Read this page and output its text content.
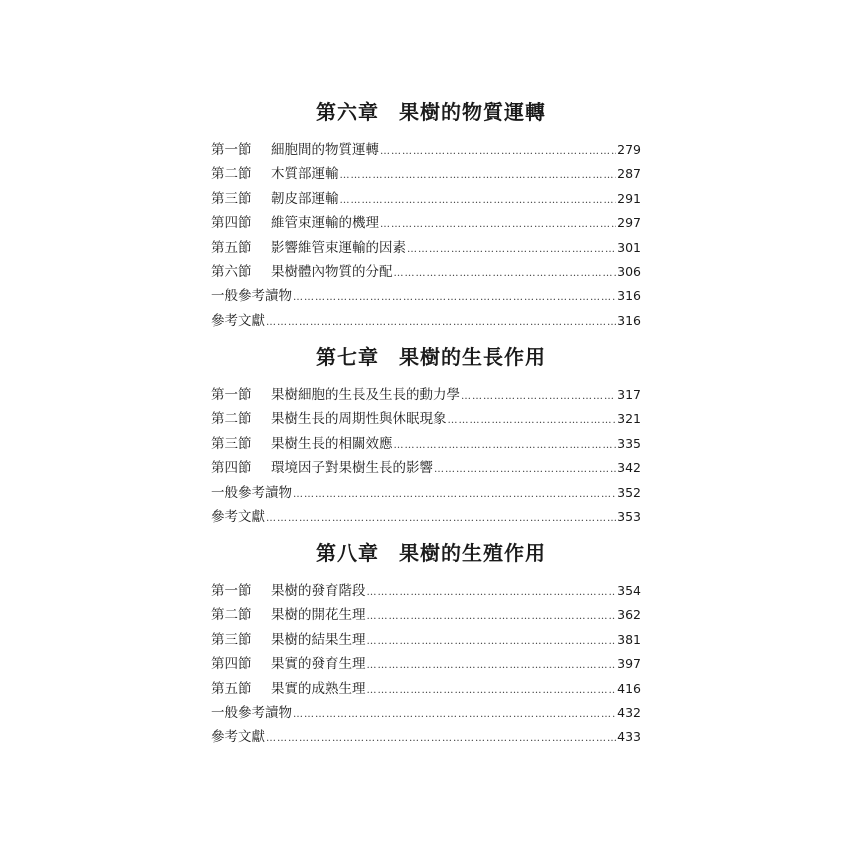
第六章 果樹的物質運轉
第一節	細胞間的物質運轉 ……………………………………………………………………………………………………………………………………………………………	279
第二節	木質部運輸 ……………………………………………………………………………………………………………………………………………………………	287
第三節	韌皮部運輸 ……………………………………………………………………………………………………………………………………………………………	291
第四節	維管束運輸的機理 ……………………………………………………………………………………………………………………………………………………………	297
第五節	影響維管束運輸的因素 ……………………………………………………………………………………………………………………………………………………………	301
第六節	果樹體內物質的分配 ……………………………………………………………………………………………………………………………………………………………	306
一般參考讀物 ……………………………………………………………………………………………………………………………………………………………	316
參考文獻 ……………………………………………………………………………………………………………………………………………………………	316
第七章 果樹的生長作用
第一節	果樹細胞的生長及生長的動力學 ……………………………………………………………………………………………………………………………………………………………	317
第二節	果樹生長的周期性與休眠現象 ……………………………………………………………………………………………………………………………………………………………	321
第三節	果樹生長的相關效應 ……………………………………………………………………………………………………………………………………………………………	335
第四節	環境因子對果樹生長的影響 ……………………………………………………………………………………………………………………………………………………………	342
一般參考讀物 ……………………………………………………………………………………………………………………………………………………………	352
參考文獻 ……………………………………………………………………………………………………………………………………………………………	353
第八章 果樹的生殖作用
第一節	果樹的發育階段 ……………………………………………………………………………………………………………………………………………………………	354
第二節	果樹的開花生理 ……………………………………………………………………………………………………………………………………………………………	362
第三節	果樹的結果生理 ……………………………………………………………………………………………………………………………………………………………	381
第四節	果實的發育生理 ……………………………………………………………………………………………………………………………………………………………	397
第五節	果實的成熟生理 ……………………………………………………………………………………………………………………………………………………………	416
一般參考讀物 ……………………………………………………………………………………………………………………………………………………………	432
參考文獻 ……………………………………………………………………………………………………………………………………………………………	433
